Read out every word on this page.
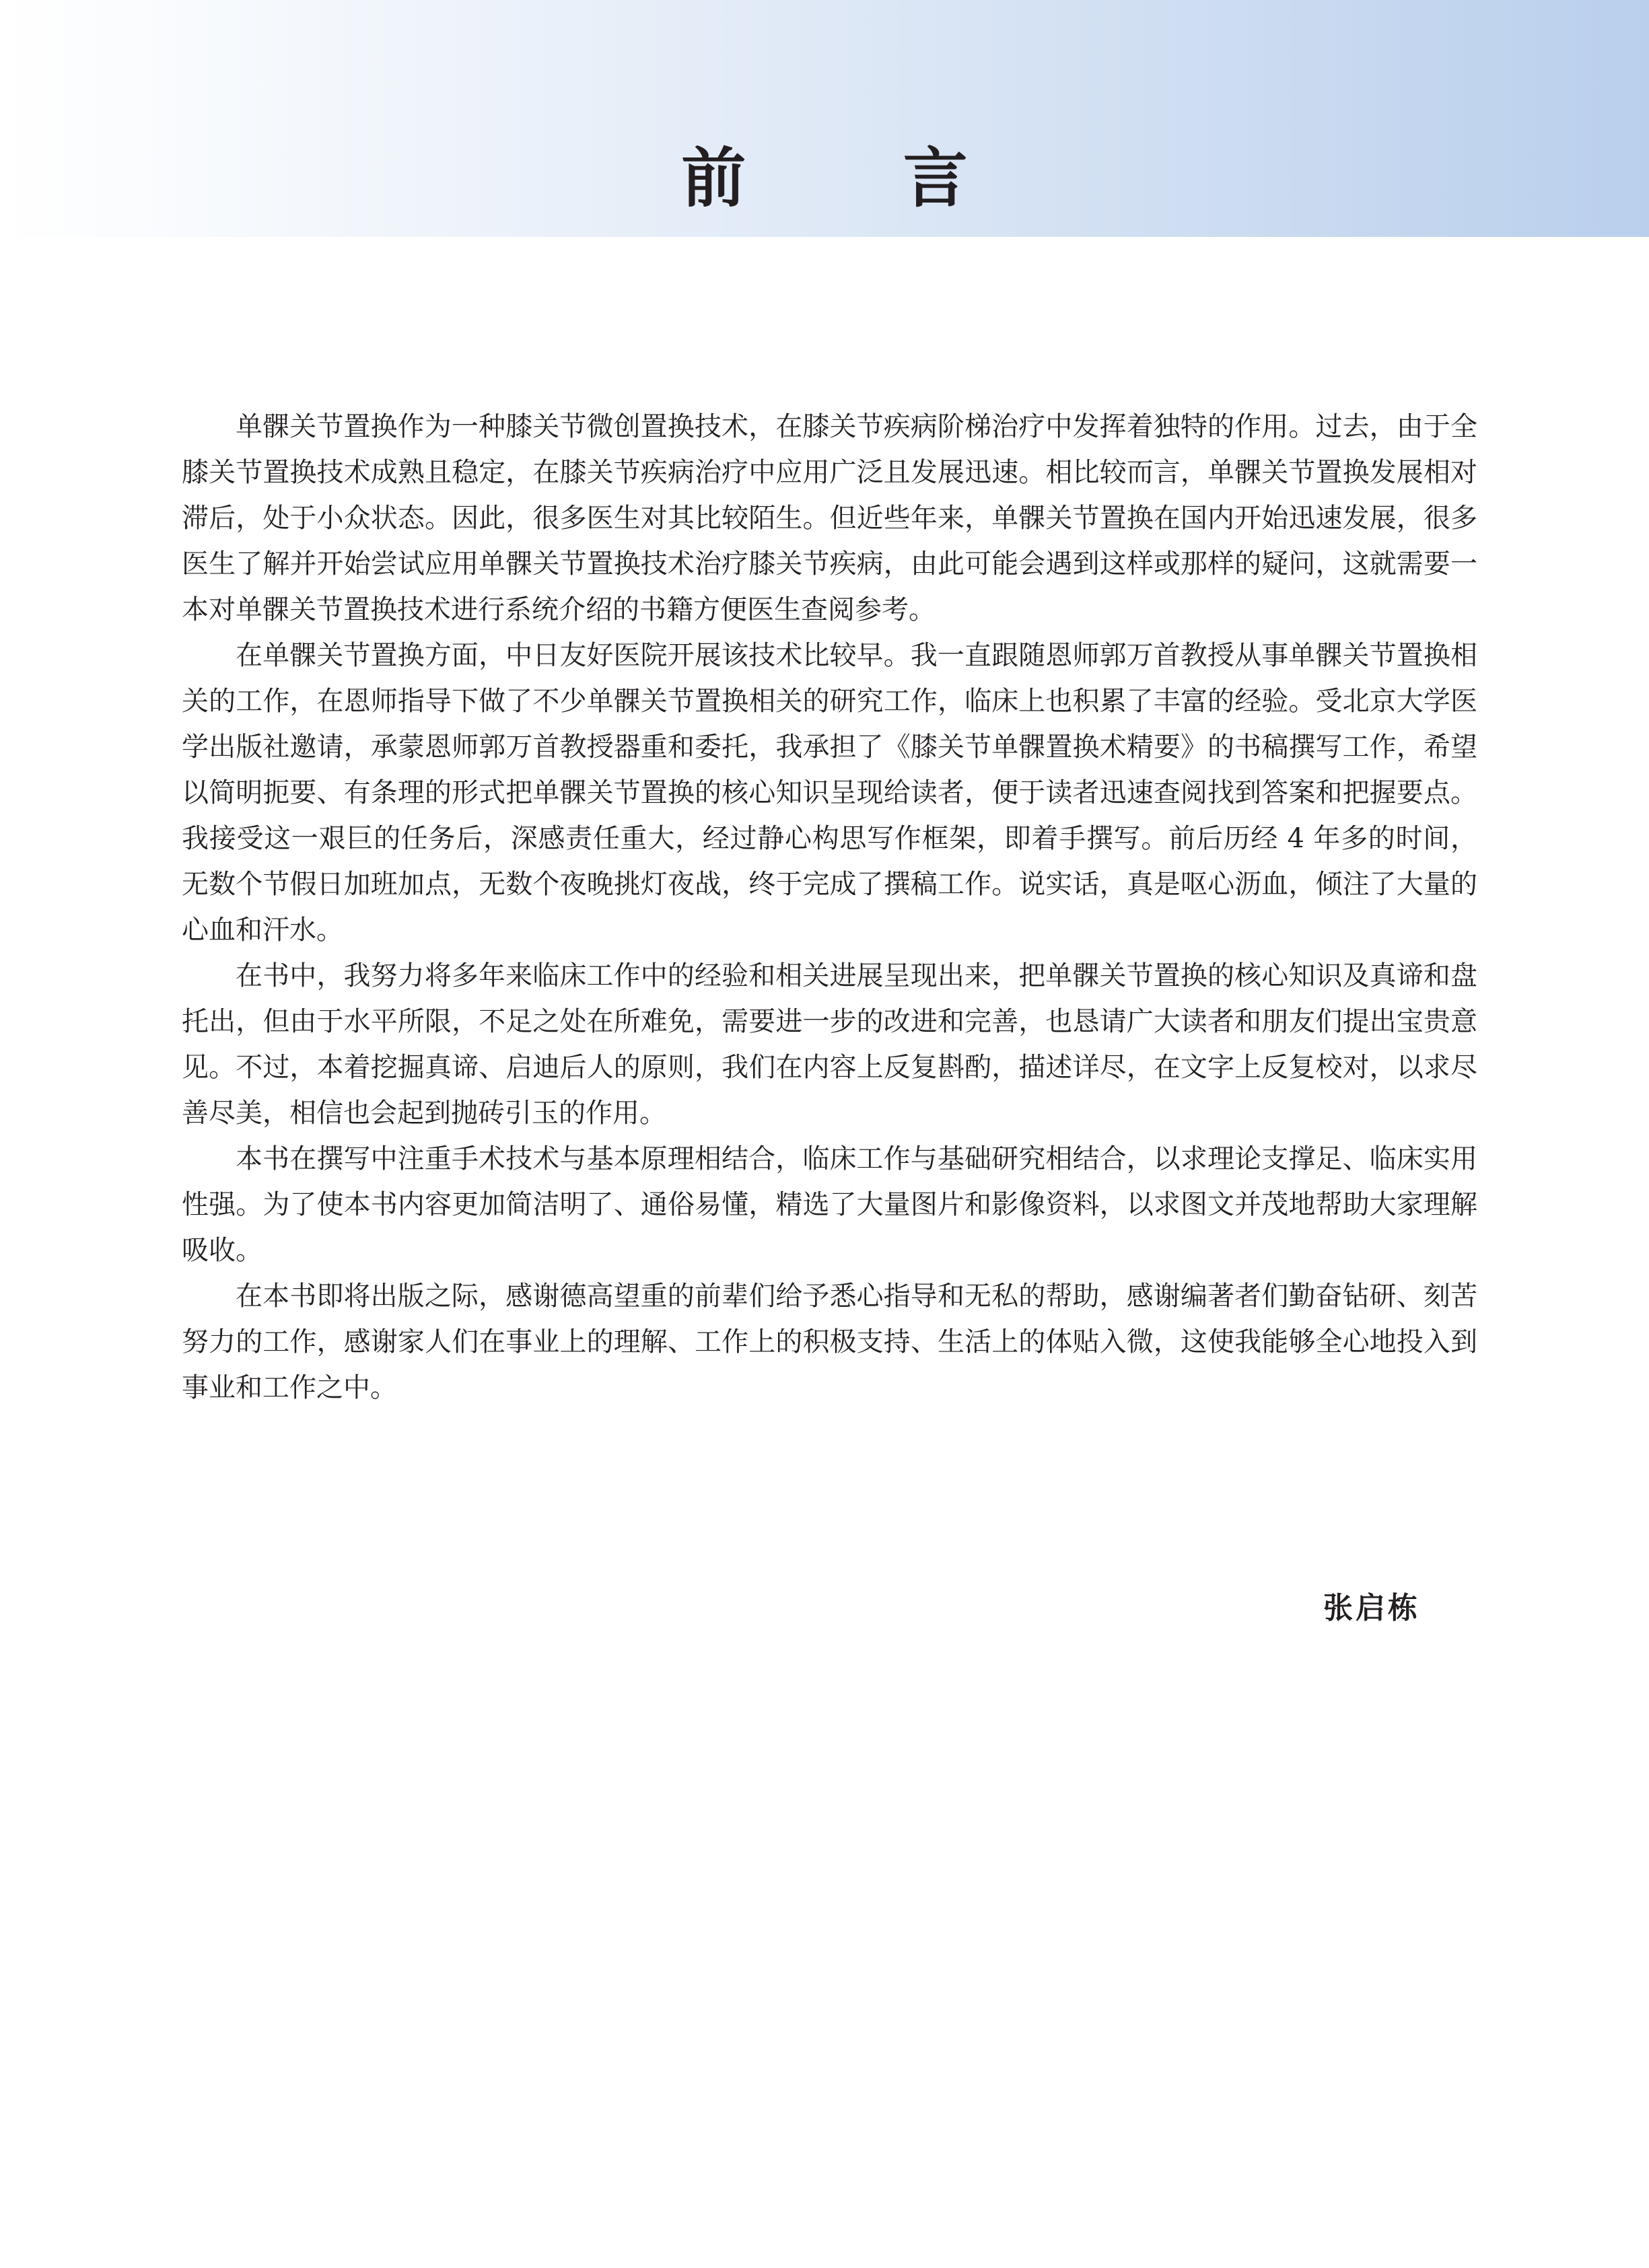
前 言

单髁关节置换作为一种膝关节微创置换技术，在膝关节疾病阶梯治疗中发挥着独特的作用。过去，由于全膝关节置换技术成熟且稳定，在膝关节疾病治疗中应用广泛且发展迅速。相比较而言，单髁关节置换发展相对滞后，处于小众状态。因此，很多医生对其比较陌生。但近些年来，单髁关节置换在国内开始迅速发展，很多医生了解并开始尝试应用单髁关节置换技术治疗膝关节疾病，由此可能会遇到这样或那样的疑问，这就需要一本对单髁关节置换技术进行系统介绍的书籍方便医生查阅参考。

在单髁关节置换方面，中日友好医院开展该技术比较早。我一直跟随恩师郭万首教授从事单髁关节置换相关的工作，在恩师指导下做了不少单髁关节置换相关的研究工作，临床上也积累了丰富的经验。受北京大学医学出版社邀请，承蒙恩师郭万首教授器重和委托，我承担了《膝关节单髁置换术精要》的书稿撰写工作，希望以简明扼要、有条理的形式把单髁关节置换的核心知识呈现给读者，便于读者迅速查阅找到答案和把握要点。我接受这一艰巨的任务后，深感责任重大，经过静心构思写作框架，即着手撰写。前后历经 4 年多的时间，无数个节假日加班加点，无数个夜晚挑灯夜战，终于完成了撰稿工作。说实话，真是呕心沥血，倾注了大量的心血和汗水。

在书中，我努力将多年来临床工作中的经验和相关进展呈现出来，把单髁关节置换的核心知识及真谛和盘托出，但由于水平所限，不足之处在所难免，需要进一步的改进和完善，也恳请广大读者和朋友们提出宝贵意见。不过，本着挖掘真谛、启迪后人的原则，我们在内容上反复斟酌，描述详尽，在文字上反复校对，以求尽善尽美，相信也会起到抛砖引玉的作用。

本书在撰写中注重手术技术与基本原理相结合，临床工作与基础研究相结合，以求理论支撑足、临床实用性强。为了使本书内容更加简洁明了、通俗易懂，精选了大量图片和影像资料，以求图文并茂地帮助大家理解吸收。

在本书即将出版之际，感谢德高望重的前辈们给予悉心指导和无私的帮助，感谢编著者们勤奋钻研、刻苦努力的工作，感谢家人们在事业上的理解、工作上的积极支持、生活上的体贴入微，这使我能够全心地投入到事业和工作之中。

张启栋
